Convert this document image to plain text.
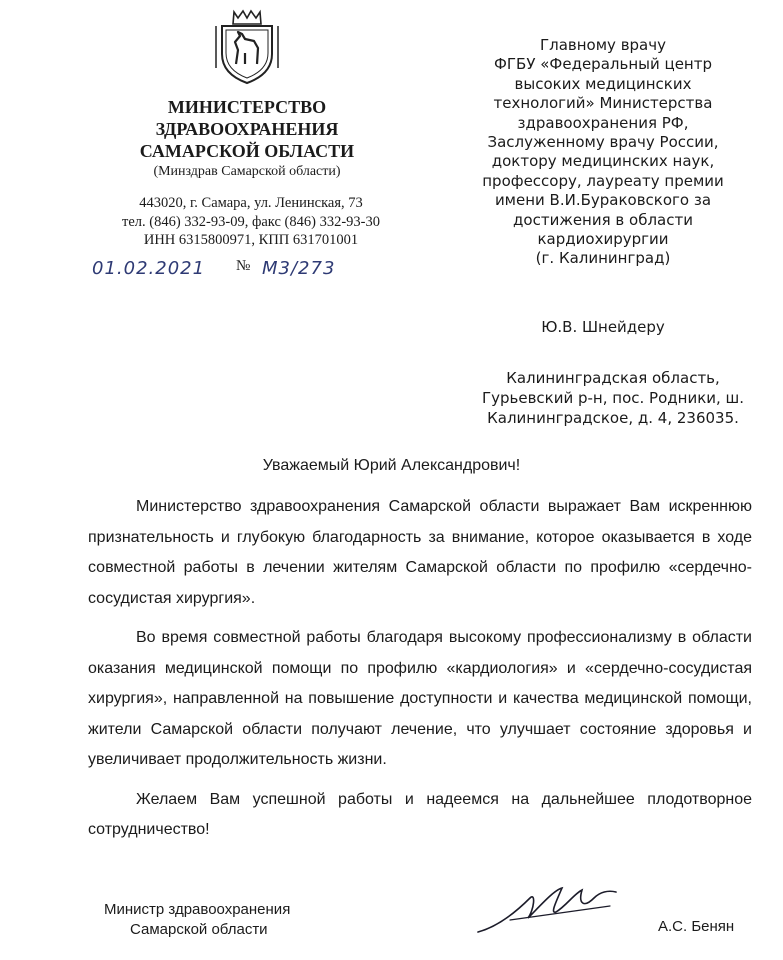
МИНИСТЕРСТВО
ЗДРАВООХРАНЕНИЯ
САМАРСКОЙ ОБЛАСТИ
(Минздрав Самарской области)
443020, г. Самара, ул. Ленинская, 73
тел. (846) 332-93-09, факс (846) 332-93-30
ИНН 6315800971, КПП 631701001
01.02.2021 № М3/273
Главному врачу
ФГБУ «Федеральный центр
высоких медицинских
технологий» Министерства
здравоохранения РФ,
Заслуженному врачу России,
доктору медицинских наук,
профессору, лауреату премии
имени В.И.Бураковского за
достижения в области
кардиохирургии
(г. Калининград)
Ю.В. Шнейдеру
Калининградская область,
Гурьевский р-н, пос. Родники, ш.
Калининградское, д. 4, 236035.
Уважаемый Юрий Александрович!

Министерство здравоохранения Самарской области выражает Вам искреннюю признательность и глубокую благодарность за внимание, которое оказывается в ходе совместной работы в лечении жителям Самарской области по профилю «сердечно-сосудистая хирургия».

Во время совместной работы благодаря высокому профессионализму в области оказания медицинской помощи по профилю «кардиология» и «сердечно-сосудистая хирургия», направленной на повышение доступности и качества медицинской помощи, жители Самарской области получают лечение, что улучшает состояние здоровья и увеличивает продолжительность жизни.

Желаем Вам успешной работы и надеемся на дальнейшее плодотворное сотрудничество!

Министр здравоохранения
Самарской области	А.С. Бенян
